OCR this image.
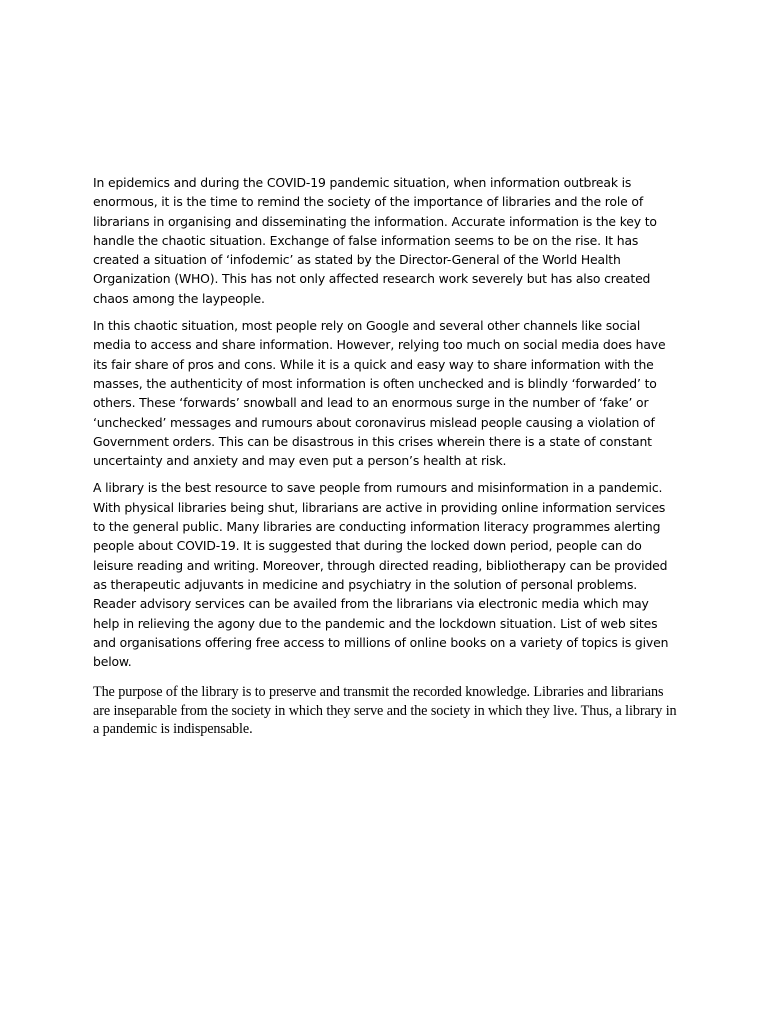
In epidemics and during the COVID-19 pandemic situation, when information outbreak is enormous, it is the time to remind the society of the importance of libraries and the role of librarians in organising and disseminating the information. Accurate information is the key to handle the chaotic situation. Exchange of false information seems to be on the rise. It has created a situation of ‘infodemic’ as stated by the Director-General of the World Health Organization (WHO). This has not only affected research work severely but has also created chaos among the laypeople.

In this chaotic situation, most people rely on Google and several other channels like social media to access and share information. However, relying too much on social media does have its fair share of pros and cons. While it is a quick and easy way to share information with the masses, the authenticity of most information is often unchecked and is blindly ‘forwarded’ to others. These ‘forwards’ snowball and lead to an enormous surge in the number of ‘fake’ or ‘unchecked’ messages and rumours about coronavirus mislead people causing a violation of Government orders. This can be disastrous in this crises wherein there is a state of constant uncertainty and anxiety and may even put a person’s health at risk.

A library is the best resource to save people from rumours and misinformation in a pandemic. With physical libraries being shut, librarians are active in providing online information services to the general public. Many libraries are conducting information literacy programmes alerting people about COVID-19. It is suggested that during the locked down period, people can do leisure reading and writing. Moreover, through directed reading, bibliotherapy can be provided as therapeutic adjuvants in medicine and psychiatry in the solution of personal problems. Reader advisory services can be availed from the librarians via electronic media which may help in relieving the agony due to the pandemic and the lockdown situation. List of web sites and organisations offering free access to millions of online books on a variety of topics is given below.

The purpose of the library is to preserve and transmit the recorded knowledge. Libraries and librarians are inseparable from the society in which they serve and the society in which they live. Thus, a library in a pandemic is indispensable.
